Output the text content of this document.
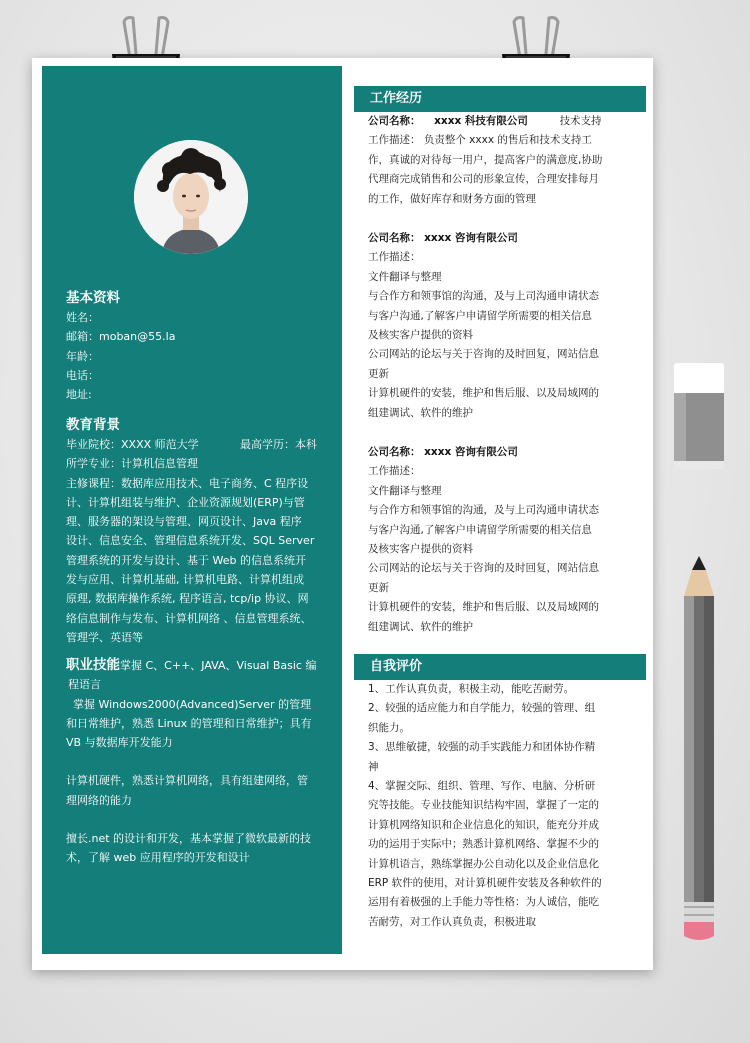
基本资料
姓名：
邮箱：moban@55.la
年龄：
电话：
地址:
教育背景
毕业院校：XXXX 师范大学	最高学历：本科
所学专业：计算机信息管理
主修课程：数据库应用技术、电子商务、C 程序设
计、计算机组装与维护、企业资源规划(ERP)与管
理、服务器的架设与管理、网页设计、Java 程序
设计、信息安全、管理信息系统开发、SQL Server
管理系统的开发与设计、基于 Web 的信息系统开
发与应用、计算机基础, 计算机电路、计算机组成
原理, 数据库操作系统, 程序语言, tcp/ip 协议、网
络信息制作与发布、计算机网络 、信息管理系统、
管理学、英语等
职业技能掌握 C、C++、JAVA、Visual Basic 编
程语言
掌握 Windows2000(Advanced)Server 的管理
和日常维护，熟悉 Linux 的管理和日常维护；具有
VB 与数据库开发能力
计算机硬件，熟悉计算机网络，具有组建网络，管
理网络的能力
擅长.net 的设计和开发，基本掌握了微软最新的技
术，了解 web 应用程序的开发和设计
工作经历
公司名称： xxxx 科技有限公司	技术支持
工作描述： 负责整个 xxxx 的售后和技术支持工
作，真诚的对待每一用户，提高客户的满意度,协助
代理商完成销售和公司的形象宣传，合理安排每月
的工作，做好库存和财务方面的管理
公司名称： xxxx 咨询有限公司
工作描述：
文件翻译与整理
与合作方和领事馆的沟通，及与上司沟通申请状态
与客户沟通,了解客户申请留学所需要的相关信息
及核实客户提供的资料
公司网站的论坛与关于咨询的及时回复，网站信息
更新
计算机硬件的安装，维护和售后服、以及局域网的
组建调试、软件的维护
公司名称： xxxx 咨询有限公司
工作描述：
文件翻译与整理
与合作方和领事馆的沟通，及与上司沟通申请状态
与客户沟通,了解客户申请留学所需要的相关信息
及核实客户提供的资料
公司网站的论坛与关于咨询的及时回复，网站信息
更新
计算机硬件的安装，维护和售后服、以及局域网的
组建调试、软件的维护
自我评价
1、工作认真负责，积极主动，能吃苦耐劳。
2、较强的适应能力和自学能力，较强的管理、组
织能力。
3、思维敏捷，较强的动手实践能力和团体协作精
神
4、掌握交际、组织、管理、写作、电脑、分析研
究等技能。专业技能知识结构牢固，掌握了一定的
计算机网络知识和企业信息化的知识，能充分并成
功的运用于实际中；熟悉计算机网络、掌握不少的
计算机语言，熟练掌握办公自动化以及企业信息化
ERP 软件的使用，对计算机硬件安装及各种软件的
运用有着极强的上手能力等性格：为人诚信，能吃
苦耐劳，对工作认真负责，积极进取
